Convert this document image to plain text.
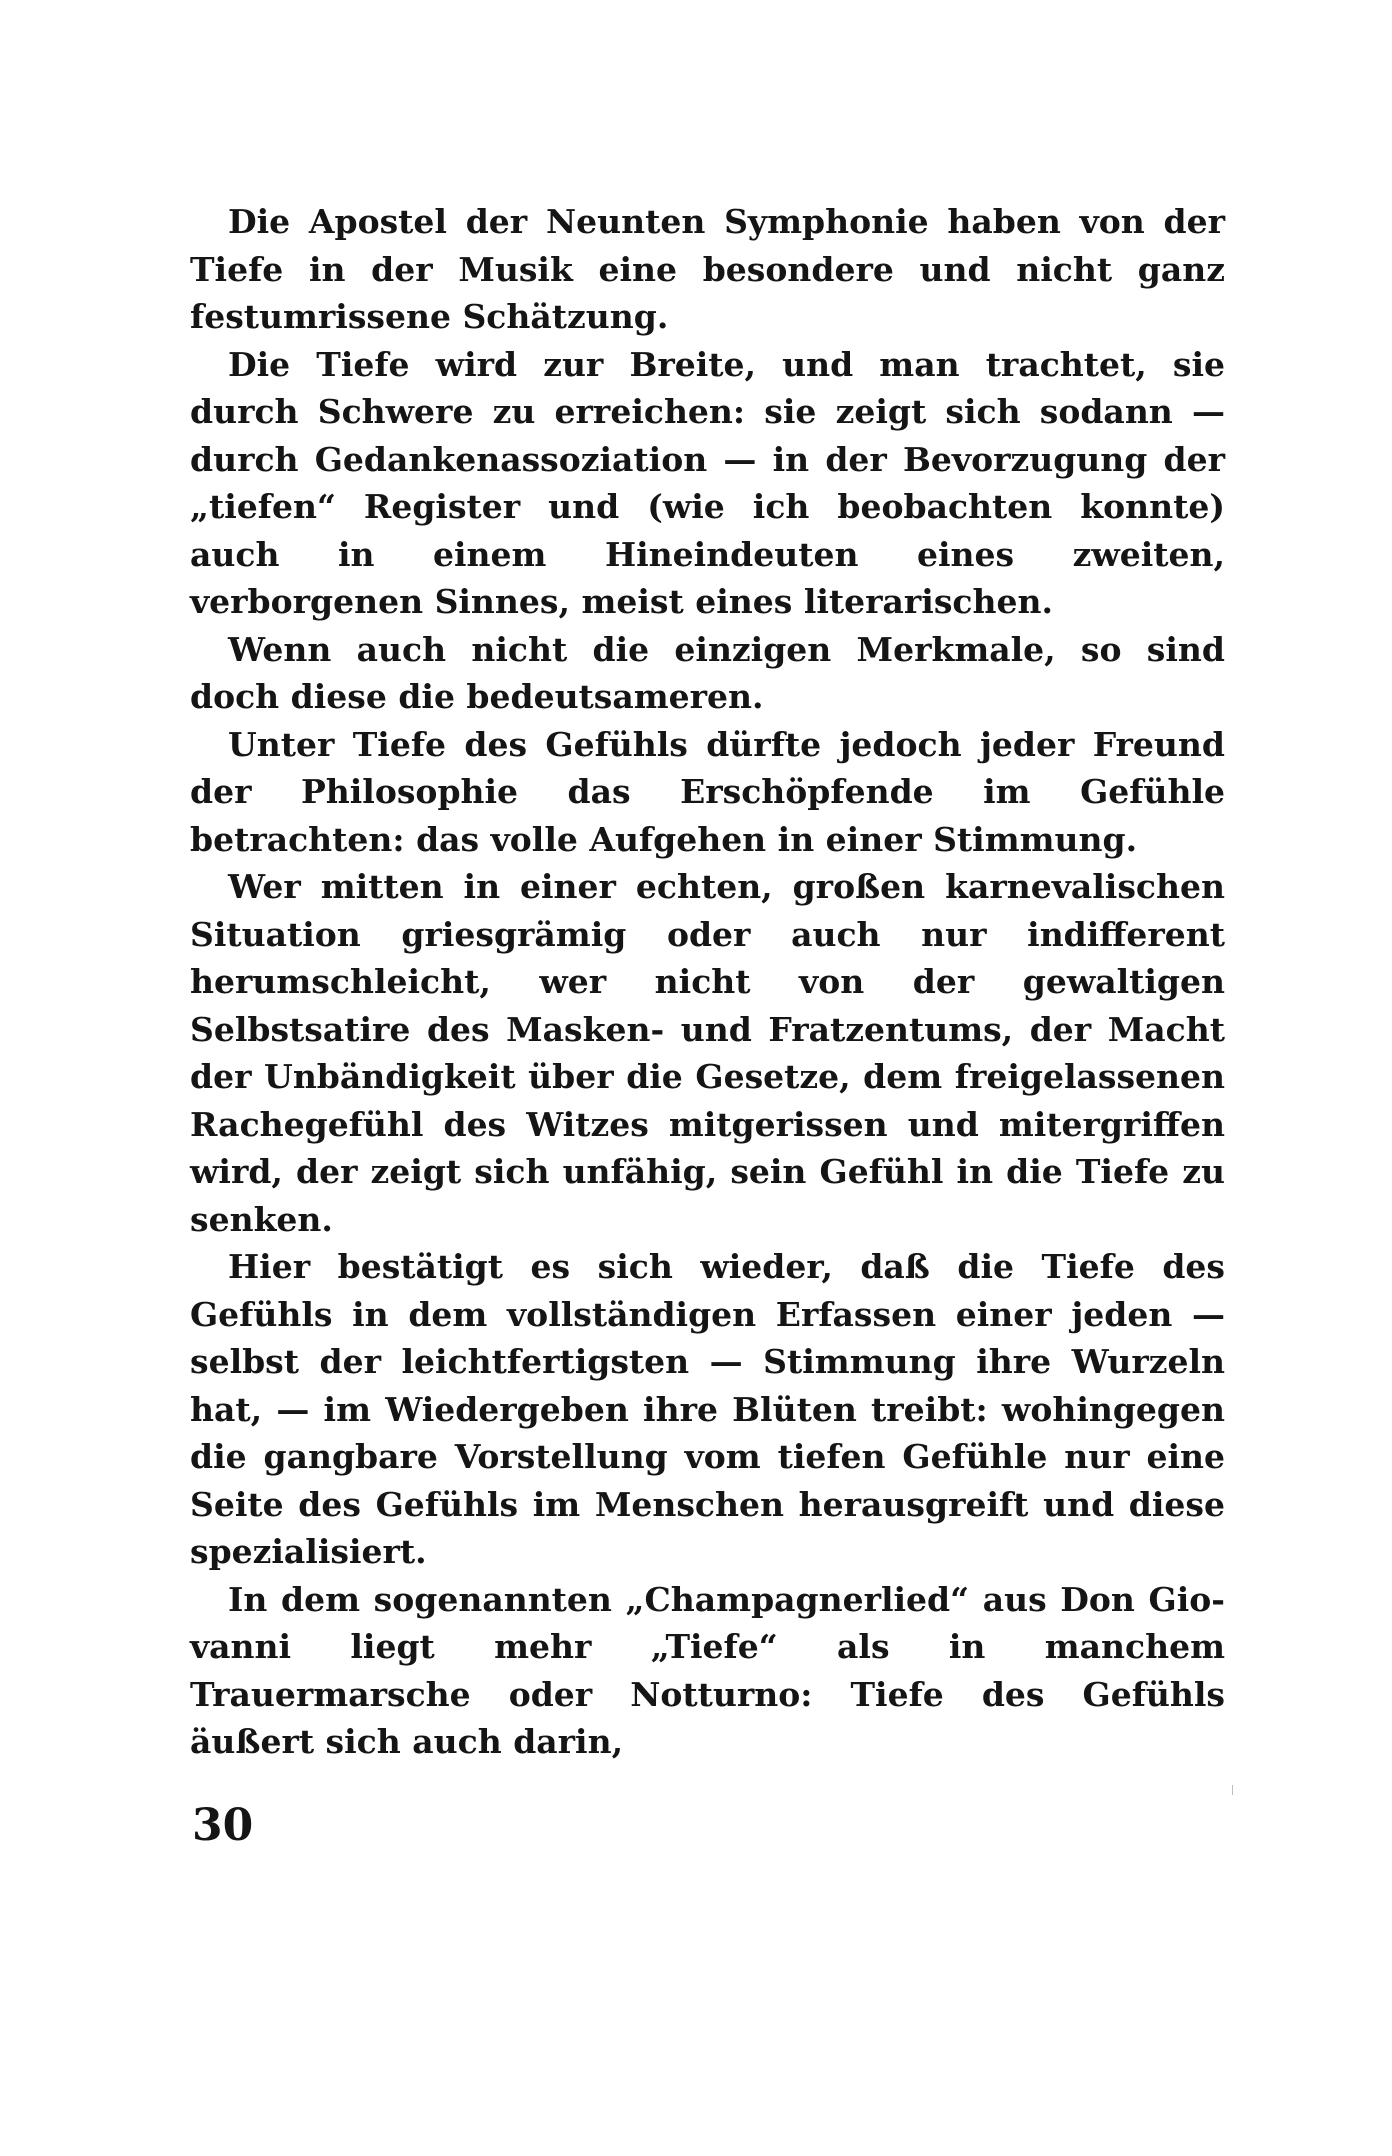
Die Apostel der Neunten Symphonie haben von der Tiefe in der Musik eine besondere und nicht ganz festumrissene Schätzung.

Die Tiefe wird zur Breite, und man trachtet, sie durch Schwere zu erreichen: sie zeigt sich sodann — durch Gedankenassoziation — in der Bevorzugung der „tiefen“ Register und (wie ich beobachten konnte) auch in einem Hineindeuten eines zweiten, verborgenen Sinnes, meist eines literarischen.

Wenn auch nicht die einzigen Merkmale, so sind doch diese die bedeutsameren.

Unter Tiefe des Gefühls dürfte jedoch jeder Freund der Philosophie das Erschöpfende im Gefühle betrachten: das volle Aufgehen in einer Stimmung.

Wer mitten in einer echten, großen karnevalischen Situation griesgrämig oder auch nur indifferent herumschleicht, wer nicht von der gewaltigen Selbstsatire des Masken- und Fratzentums, der Macht der Unbändigkeit über die Gesetze, dem freigelassenen Rachegefühl des Witzes mitgerissen und mitergriffen wird, der zeigt sich unfähig, sein Gefühl in die Tiefe zu senken.

Hier bestätigt es sich wieder, daß die Tiefe des Gefühls in dem vollständigen Erfassen einer jeden — selbst der leichtfertigsten — Stimmung ihre Wurzeln hat, — im Wiedergeben ihre Blüten treibt: wohingegen die gangbare Vorstellung vom tiefen Gefühle nur eine Seite des Gefühls im Menschen herausgreift und diese spezialisiert.

In dem sogenannten „Champagnerlied“ aus Don Giovanni liegt mehr „Tiefe“ als in manchem Trauermarsche oder Notturno: Tiefe des Gefühls äußert sich auch darin,

30
